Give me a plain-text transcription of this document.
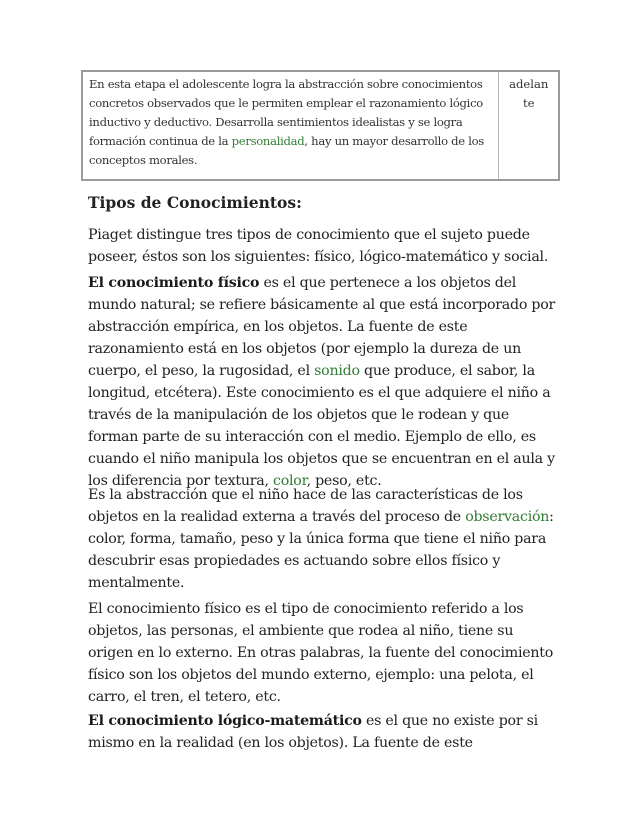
En esta etapa el adolescente logra la abstracción sobre conocimientos concretos observados que le permiten emplear el razonamiento lógico inductivo y deductivo. Desarrolla sentimientos idealistas y se logra formación continua de la personalidad, hay un mayor desarrollo de los conceptos morales.	adelante
Tipos de Conocimientos:

Piaget distingue tres tipos de conocimiento que el sujeto puede poseer, éstos son los siguientes: físico, lógico-matemático y social.

El conocimiento físico es el que pertenece a los objetos del mundo natural; se refiere básicamente al que está incorporado por abstracción empírica, en los objetos. La fuente de este razonamiento está en los objetos (por ejemplo la dureza de un cuerpo, el peso, la rugosidad, el sonido que produce, el sabor, la longitud, etcétera). Este conocimiento es el que adquiere el niño a través de la manipulación de los objetos que le rodean y que forman parte de su interacción con el medio. Ejemplo de ello, es cuando el niño manipula los objetos que se encuentran en el aula y los diferencia por textura, color, peso, etc.

Es la abstracción que el niño hace de las características de los objetos en la realidad externa a través del proceso de observación: color, forma, tamaño, peso y la única forma que tiene el niño para descubrir esas propiedades es actuando sobre ellos físico y mentalmente.

El conocimiento físico es el tipo de conocimiento referido a los objetos, las personas, el ambiente que rodea al niño, tiene su origen en lo externo. En otras palabras, la fuente del conocimiento físico son los objetos del mundo externo, ejemplo: una pelota, el carro, el tren, el tetero, etc.

El conocimiento lógico-matemático es el que no existe por si mismo en la realidad (en los objetos). La fuente de este
